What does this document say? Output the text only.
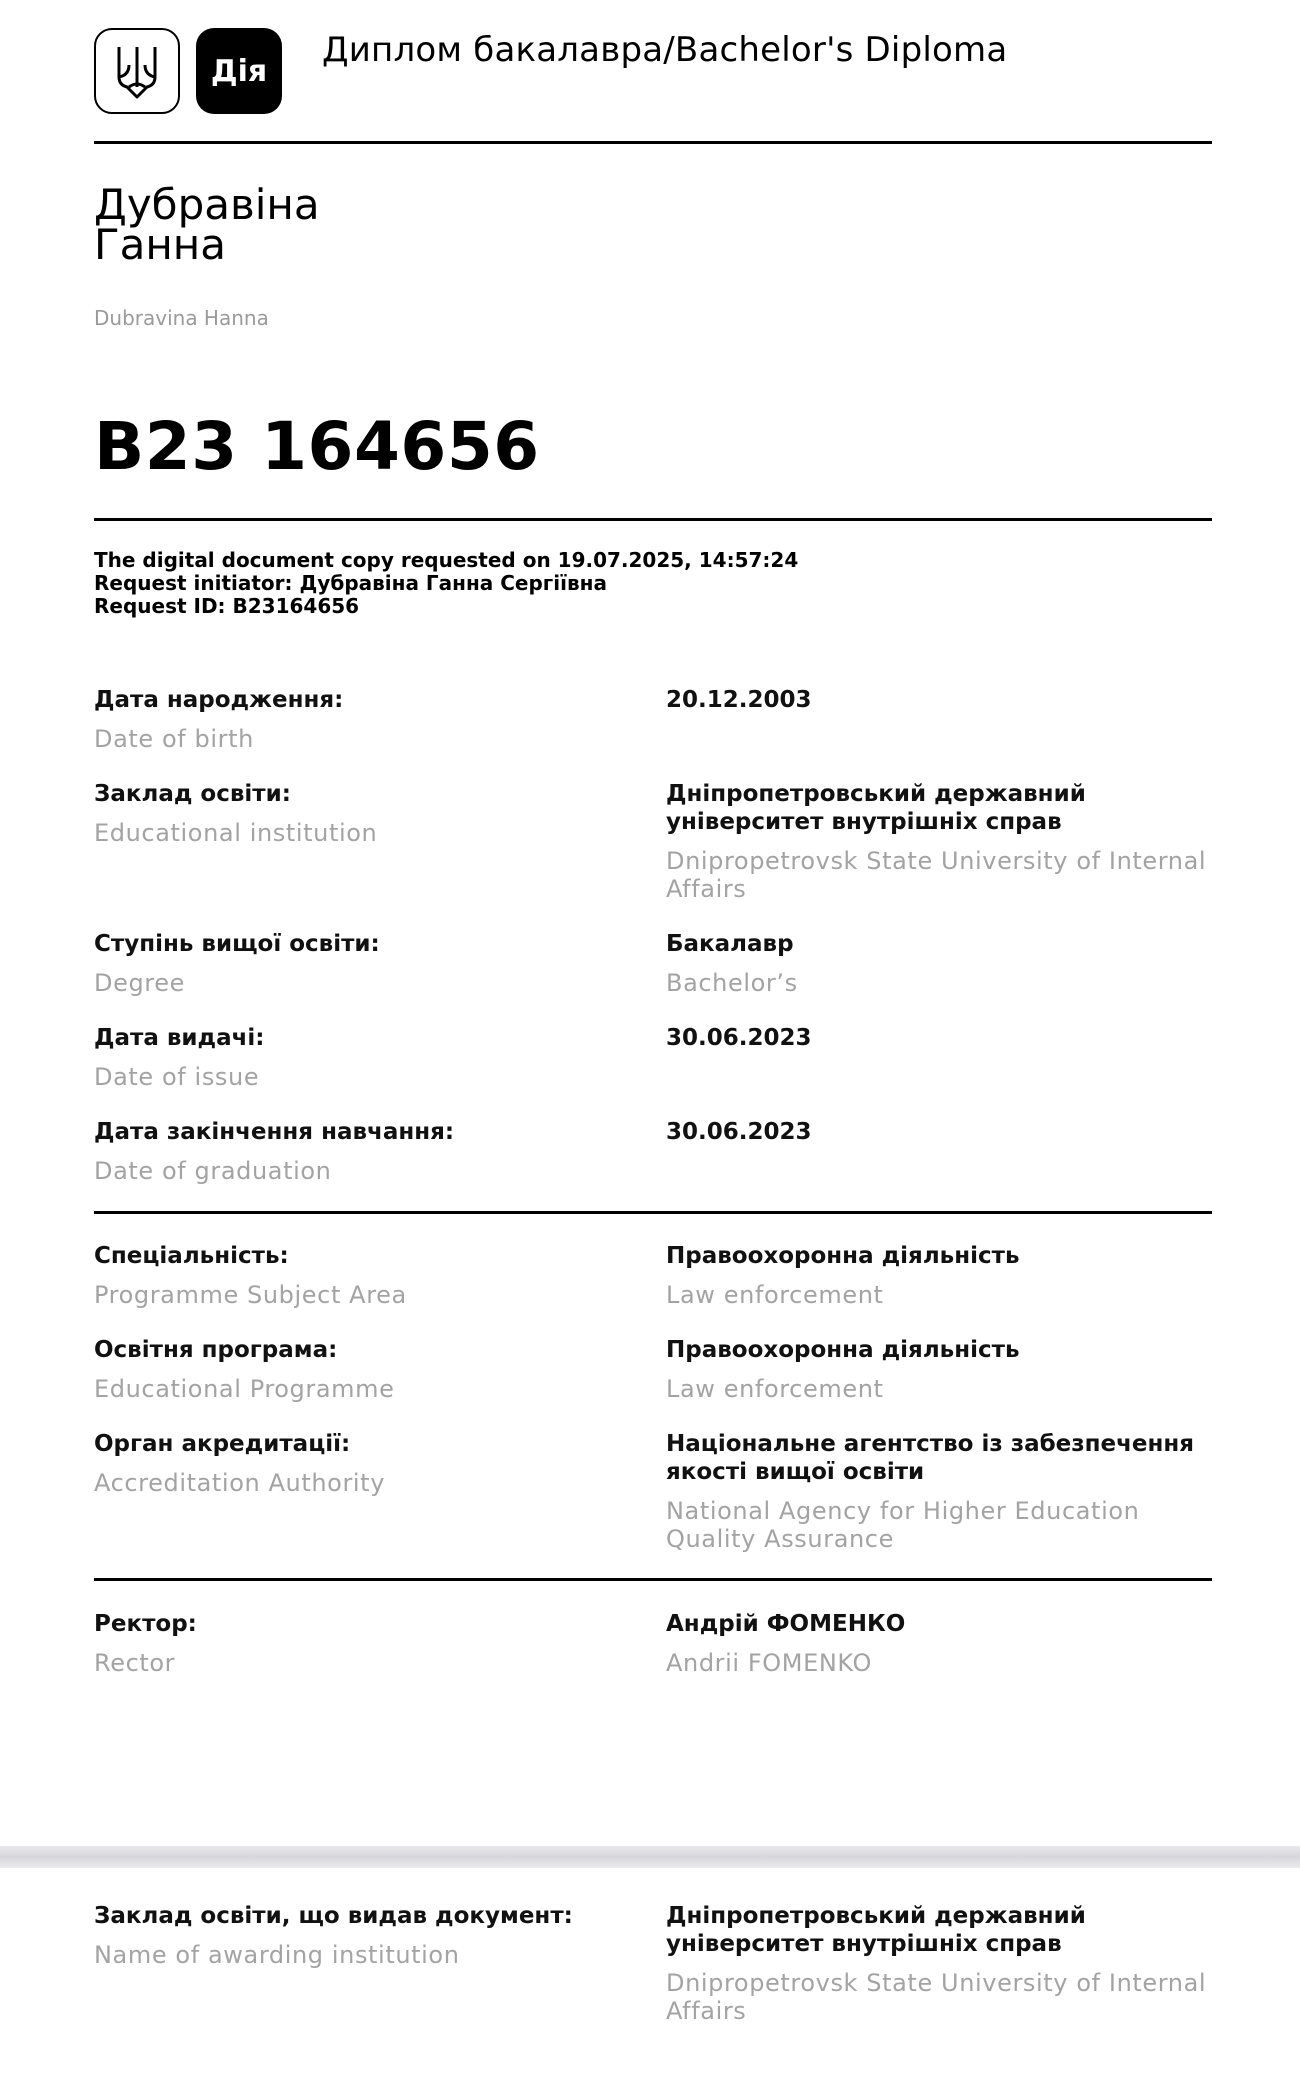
Дія
Диплом бакалавра/Bachelor's Diploma
Дубравіна
Ганна
Dubravina Hanna
B23 164656
The digital document copy requested on 19.07.2025, 14:57:24
Request initiator: Дубравіна Ганна Сергіївна
Request ID: B23164656
Дата народження:
Date of birth
20.12.2003
Заклад освіти:
Educational institution
Дніпропетровський державний університет внутрішніх справ
Dnipropetrovsk State University of Internal Affairs
Ступінь вищої освіти:
Degree
Бакалавр
Bachelor’s
Дата видачі:
Date of issue
30.06.2023
Дата закінчення навчання:
Date of graduation
30.06.2023
Спеціальність:
Programme Subject Area
Правоохоронна діяльність
Law enforcement
Освітня програма:
Educational Programme
Правоохоронна діяльність
Law enforcement
Орган акредитації:
Accreditation Authority
Національне агентство із забезпечення якості вищої освіти
National Agency for Higher Education Quality Assurance
Ректор:
Rector
Андрій ФОМЕНКО
Andrii FOMENKO
Заклад освіти, що видав документ:
Name of awarding institution
Дніпропетровський державний університет внутрішніх справ
Dnipropetrovsk State University of Internal Affairs
